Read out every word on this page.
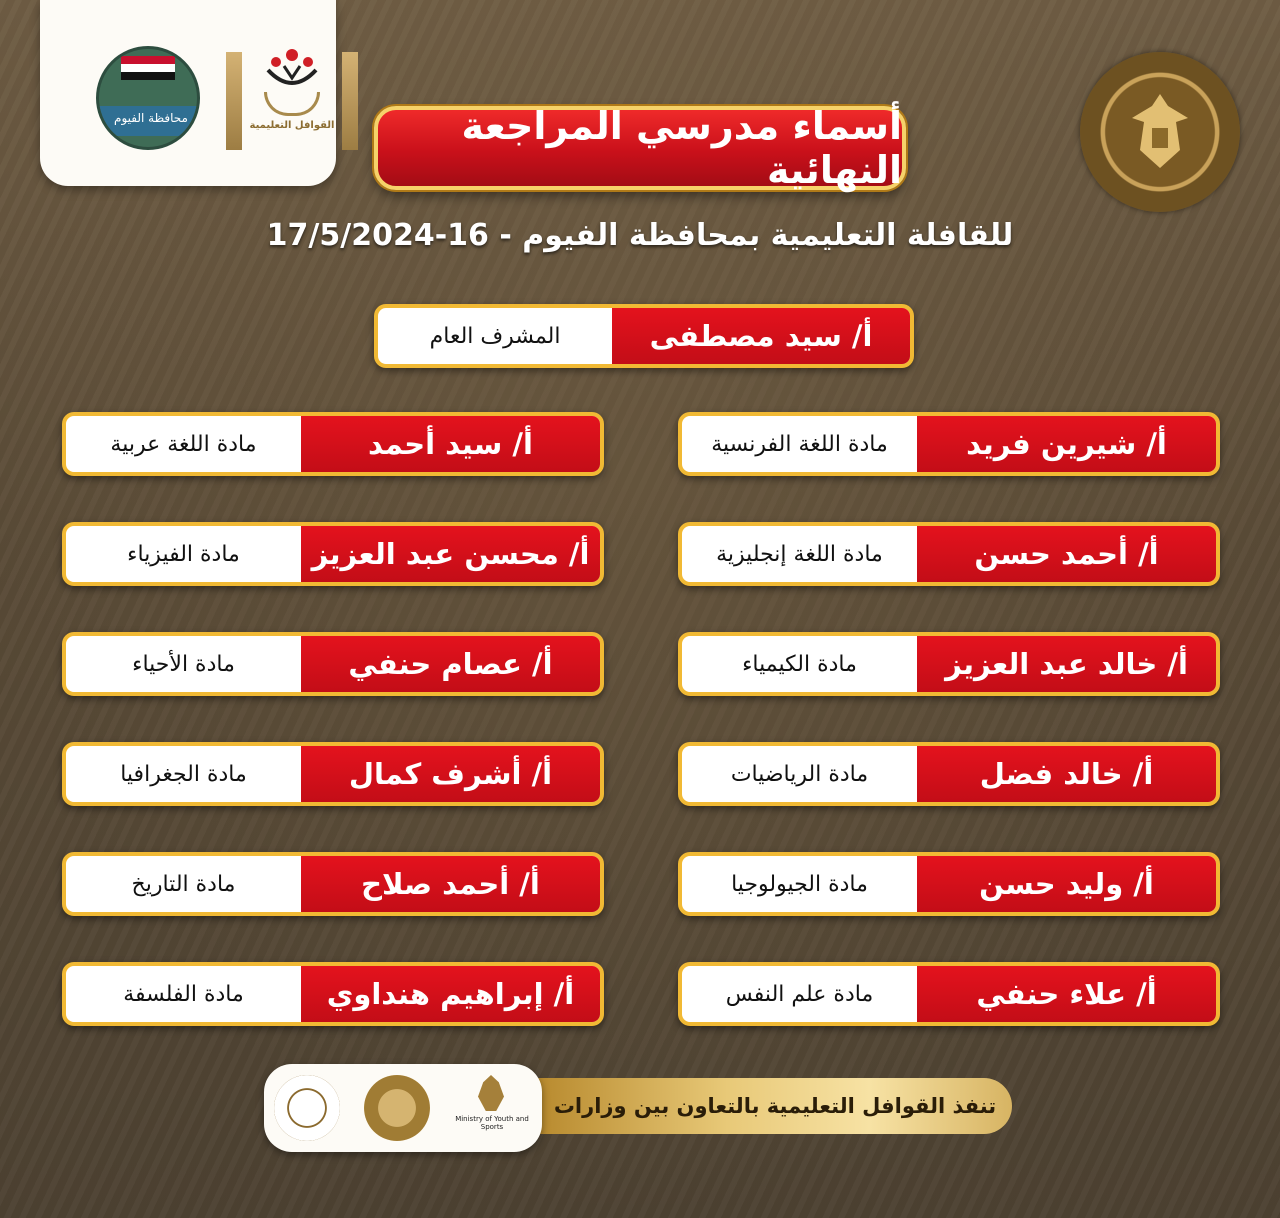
محافظة الفيوم
القوافل التعليمية	أسماء مدرسي المراجعة النهائية
للقافلة التعليمية بمحافظة الفيوم - 16-17/5/2024
أ/ سيد مصطفى
المشرف العام
أ/ شيرين فريد
مادة اللغة الفرنسية
أ/ أحمد حسن
مادة اللغة إنجليزية
أ/ خالد عبد العزيز
مادة الكيمياء
أ/ خالد فضل
مادة الرياضيات
أ/ وليد حسن
مادة الجيولوجيا
أ/ علاء حنفي
مادة علم النفس
أ/ سيد أحمد
مادة اللغة عربية
أ/ محسن عبد العزيز
مادة الفيزياء
أ/ عصام حنفي
مادة الأحياء
أ/ أشرف كمال
مادة الجغرافيا
أ/ أحمد صلاح
مادة التاريخ
أ/ إبراهيم هنداوي
مادة الفلسفة
تنفذ القوافل التعليمية بالتعاون بين وزارات
Ministry of Youth and Sports
